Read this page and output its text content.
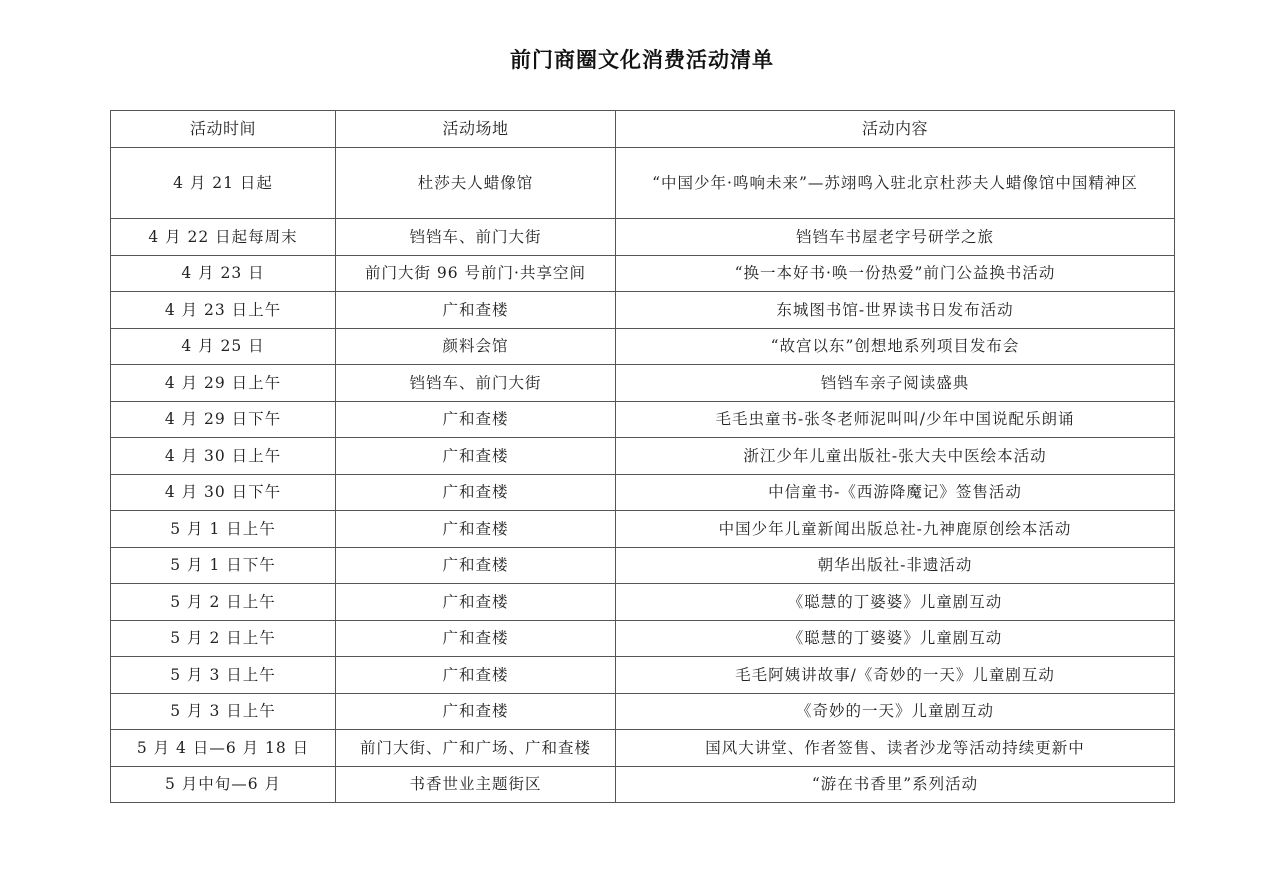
前门商圈文化消费活动清单
活动时间	活动场地	活动内容
4 月 21 日起	杜莎夫人蜡像馆	“中国少年·鸣响未来”—苏翊鸣入驻北京杜莎夫人蜡像馆中国精神区
4 月 22 日起每周末	铛铛车、前门大街	铛铛车书屋老字号研学之旅
4 月 23 日	前门大街 96 号前门·共享空间	“换一本好书·唤一份热爱”前门公益换书活动
4 月 23 日上午	广和查楼	东城图书馆-世界读书日发布活动
4 月 25 日	颜料会馆	“故宫以东”创想地系列项目发布会
4 月 29 日上午	铛铛车、前门大街	铛铛车亲子阅读盛典
4 月 29 日下午	广和查楼	毛毛虫童书-张冬老师泥叫叫/少年中国说配乐朗诵
4 月 30 日上午	广和查楼	浙江少年儿童出版社-张大夫中医绘本活动
4 月 30 日下午	广和查楼	中信童书-《西游降魔记》签售活动
5 月 1 日上午	广和查楼	中国少年儿童新闻出版总社-九神鹿原创绘本活动
5 月 1 日下午	广和查楼	朝华出版社-非遗活动
5 月 2 日上午	广和查楼	《聪慧的丁婆婆》儿童剧互动
5 月 2 日上午	广和查楼	《聪慧的丁婆婆》儿童剧互动
5 月 3 日上午	广和查楼	毛毛阿姨讲故事/《奇妙的一天》儿童剧互动
5 月 3 日上午	广和查楼	《奇妙的一天》儿童剧互动
5 月 4 日—6 月 18 日	前门大街、广和广场、广和查楼	国风大讲堂、作者签售、读者沙龙等活动持续更新中
5 月中旬—6 月	书香世业主题街区	“游在书香里”系列活动
